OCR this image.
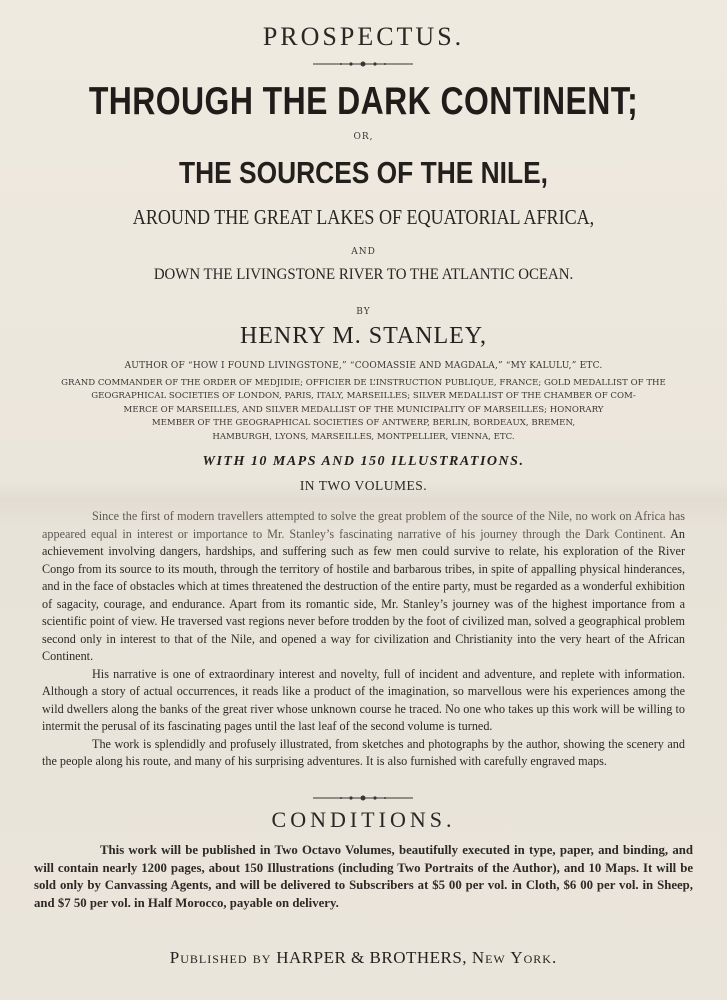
PROSPECTUS.
THROUGH THE DARK CONTINENT;
OR,
THE SOURCES OF THE NILE,
AROUND THE GREAT LAKES OF EQUATORIAL AFRICA,
AND
DOWN THE LIVINGSTONE RIVER TO THE ATLANTIC OCEAN.
BY
HENRY M. STANLEY,
AUTHOR OF “HOW I FOUND LIVINGSTONE,” “COOMASSIE AND MAGDALA,” “MY KALULU,” ETC.
GRAND COMMANDER OF THE ORDER OF MEDJIDIE; OFFICIER DE L’INSTRUCTION PUBLIQUE, FRANCE; GOLD MEDALLIST OF THE
GEOGRAPHICAL SOCIETIES OF LONDON, PARIS, ITALY, MARSEILLES; SILVER MEDALLIST OF THE CHAMBER OF COM-
MERCE OF MARSEILLES, AND SILVER MEDALLIST OF THE MUNICIPALITY OF MARSEILLES; HONORARY
MEMBER OF THE GEOGRAPHICAL SOCIETIES OF ANTWERP, BERLIN, BORDEAUX, BREMEN,
HAMBURGH, LYONS, MARSEILLES, MONTPELLIER, VIENNA, ETC.
WITH 10 MAPS AND 150 ILLUSTRATIONS.
IN TWO VOLUMES.

Since the first of modern travellers attempted to solve the great problem of the source of the Nile, no work on Africa has appeared equal in interest or importance to Mr. Stanley’s fascinating narrative of his journey through the Dark Continent. An achievement involving dangers, hardships, and suffering such as few men could survive to relate, his exploration of the River Congo from its source to its mouth, through the territory of hostile and barbarous tribes, in spite of appalling physical hinderances, and in the face of obstacles which at times threatened the destruction of the entire party, must be regarded as a wonderful exhibition of sagacity, courage, and endurance. Apart from its romantic side, Mr. Stanley’s journey was of the highest importance from a scientific point of view. He traversed vast regions never before trodden by the foot of civilized man, solved a geographical problem second only in interest to that of the Nile, and opened a way for civilization and Christianity into the very heart of the African Continent.

His narrative is one of extraordinary interest and novelty, full of incident and adventure, and replete with information. Although a story of actual occurrences, it reads like a product of the imagination, so marvellous were his experiences among the wild dwellers along the banks of the great river whose unknown course he traced. No one who takes up this work will be willing to intermit the perusal of its fascinating pages until the last leaf of the second volume is turned.

The work is splendidly and profusely illustrated, from sketches and photographs by the author, showing the scenery and the people along his route, and many of his surprising adventures. It is also furnished with carefully engraved maps.

CONDITIONS.

This work will be published in Two Octavo Volumes, beautifully executed in type, paper, and binding, and will contain nearly 1200 pages, about 150 Illustrations (including Two Portraits of the Author), and 10 Maps. It will be sold only by Canvassing Agents, and will be delivered to Subscribers at $5 00 per vol. in Cloth, $6 00 per vol. in Sheep, and $7 50 per vol. in Half Morocco, payable on delivery.

Published by HARPER & BROTHERS, New York.
